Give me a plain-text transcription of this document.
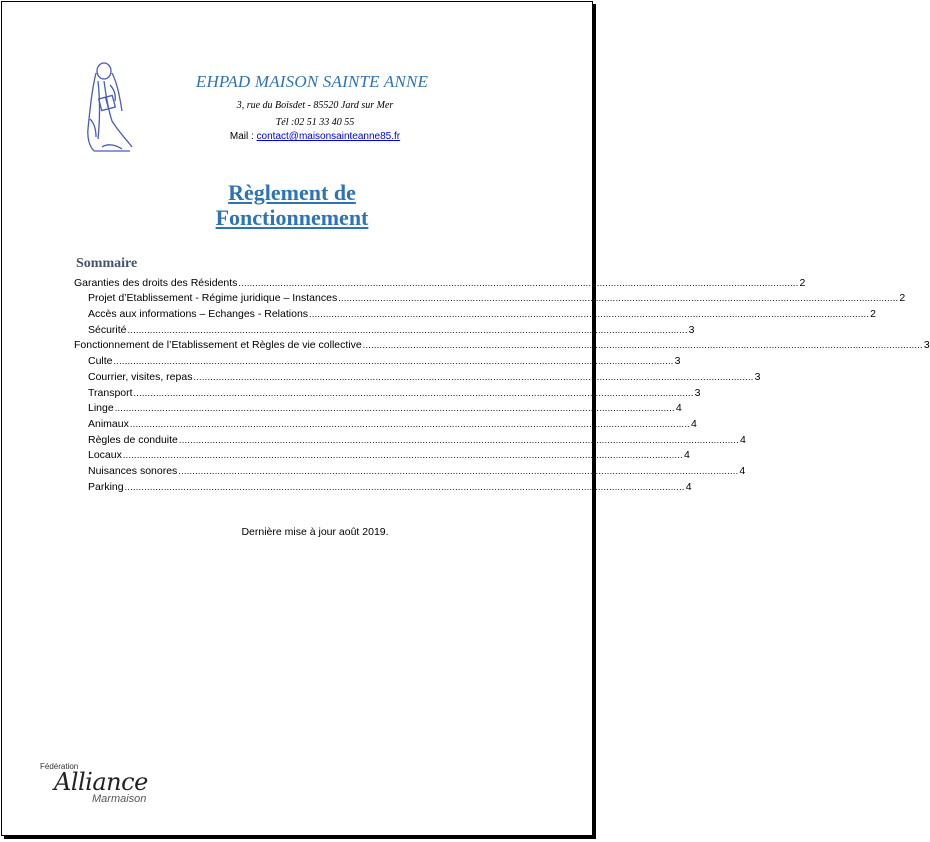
EHPAD MAISON SAINTE ANNE
3, rue du Boisdet - 85520 Jard sur Mer
Tél :02 51 33 40 55
Mail : contact@maisonsainteanne85.fr
Règlement de
Fonctionnement
Sommaire
Garanties des droits des Résidents ........................................................................................................................................................................................................ 2
Projet d’Etablissement - Régime juridique – Instances ........................................................................................................................................................................................................ 2
Accès aux informations – Echanges - Relations ........................................................................................................................................................................................................ 2
Sécurité ........................................................................................................................................................................................................ 3
Fonctionnement de l’Etablissement et Règles de vie collective ........................................................................................................................................................................................................ 3
Culte ........................................................................................................................................................................................................ 3
Courrier, visites, repas ........................................................................................................................................................................................................ 3
Transport ........................................................................................................................................................................................................ 3
Linge ........................................................................................................................................................................................................ 4
Animaux ........................................................................................................................................................................................................ 4
Règles de conduite ........................................................................................................................................................................................................ 4
Locaux ........................................................................................................................................................................................................ 4
Nuisances sonores ........................................................................................................................................................................................................ 4
Parking ........................................................................................................................................................................................................ 4
Dernière mise à jour août 2019.
Fédération
Alliance
Marmaison
